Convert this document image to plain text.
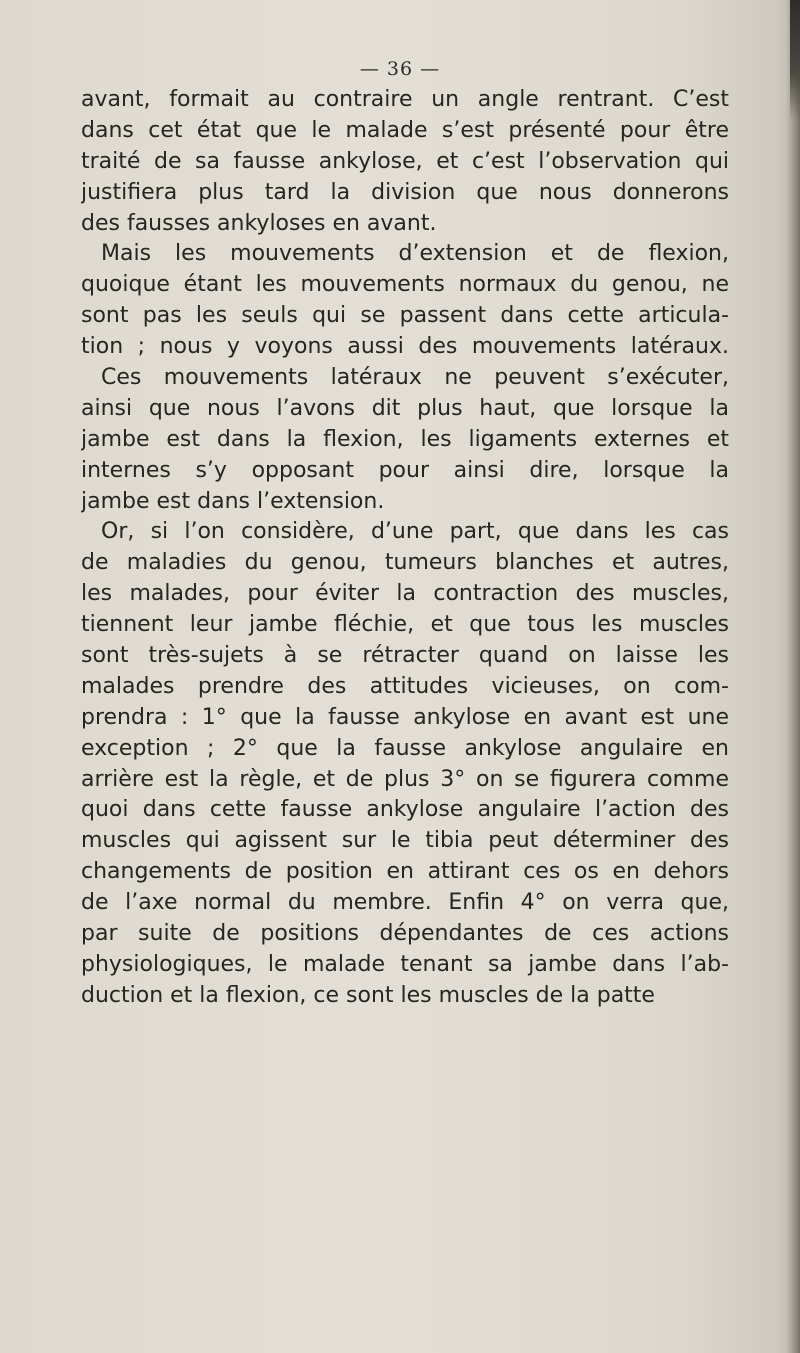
— 36 —
avant, formait au contraire un angle rentrant. C’est
dans cet état que le malade s’est présenté pour être
traité de sa fausse ankylose, et c’est l’observation qui
justifiera plus tard la division que nous donnerons
des fausses ankyloses en avant.
Mais les mouvements d’extension et de flexion,
quoique étant les mouvements normaux du genou, ne
sont pas les seuls qui se passent dans cette articula-
tion ; nous y voyons aussi des mouvements latéraux.
Ces mouvements latéraux ne peuvent s’exécuter,
ainsi que nous l’avons dit plus haut, que lorsque la
jambe est dans la flexion, les ligaments externes et
internes s’y opposant pour ainsi dire, lorsque la
jambe est dans l’extension.
Or, si l’on considère, d’une part, que dans les cas
de maladies du genou, tumeurs blanches et autres,
les malades, pour éviter la contraction des muscles,
tiennent leur jambe fléchie, et que tous les muscles
sont très-sujets à se rétracter quand on laisse les
malades prendre des attitudes vicieuses, on com-
prendra : 1° que la fausse ankylose en avant est une
exception ; 2° que la fausse ankylose angulaire en
arrière est la règle, et de plus 3° on se figurera comme
quoi dans cette fausse ankylose angulaire l’action des
muscles qui agissent sur le tibia peut déterminer des
changements de position en attirant ces os en dehors
de l’axe normal du membre. Enfin 4° on verra que,
par suite de positions dépendantes de ces actions
physiologiques, le malade tenant sa jambe dans l’ab-
duction et la flexion, ce sont les muscles de la patte
